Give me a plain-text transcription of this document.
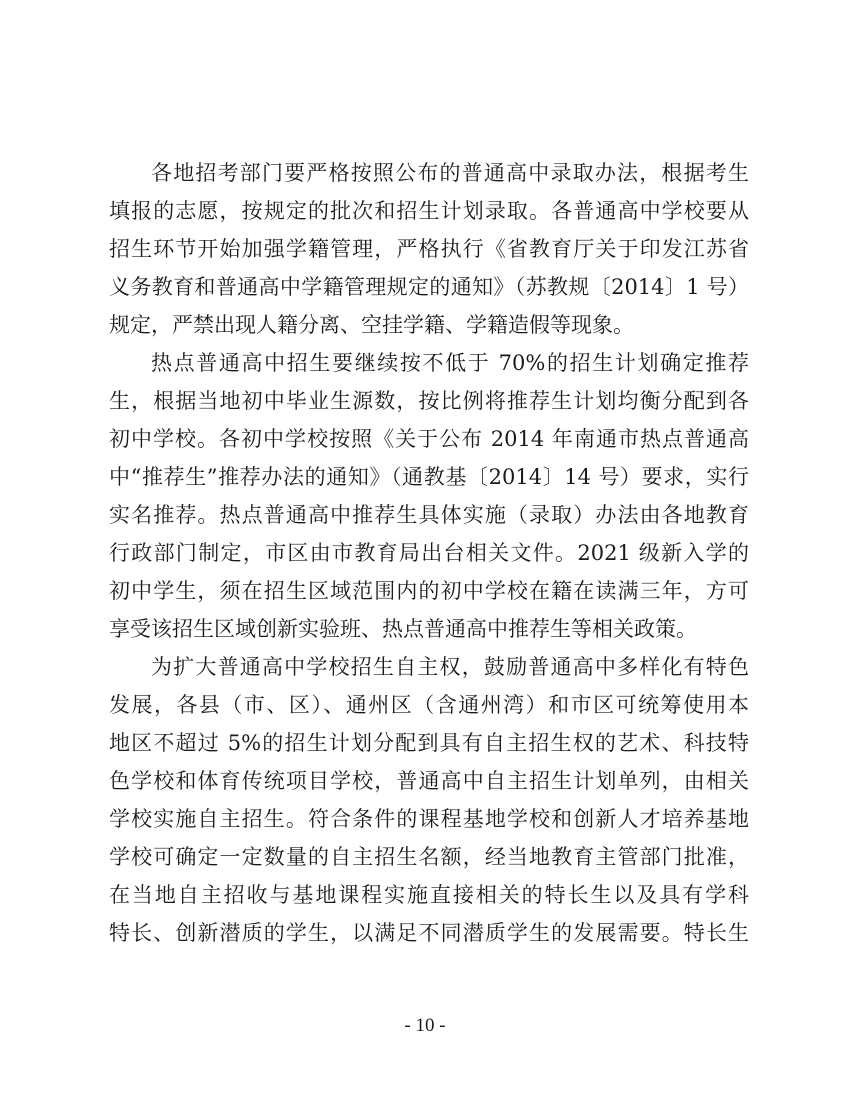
各地招考部门要严格按照公布的普通高中录取办法，根据考生
填报的志愿，按规定的批次和招生计划录取。各普通高中学校要从
招生环节开始加强学籍管理，严格执行《省教育厅关于印发江苏省
义务教育和普通高中学籍管理规定的通知》（苏教规〔2014〕1 号）
规定，严禁出现人籍分离、空挂学籍、学籍造假等现象。
热点普通高中招生要继续按不低于 70%的招生计划确定推荐
生，根据当地初中毕业生源数，按比例将推荐生计划均衡分配到各
初中学校。各初中学校按照《关于公布 2014 年南通市热点普通高
中“推荐生”推荐办法的通知》（通教基〔2014〕14 号）要求，实行
实名推荐。热点普通高中推荐生具体实施（录取）办法由各地教育
行政部门制定，市区由市教育局出台相关文件。2021 级新入学的
初中学生，须在招生区域范围内的初中学校在籍在读满三年，方可
享受该招生区域创新实验班、热点普通高中推荐生等相关政策。
为扩大普通高中学校招生自主权，鼓励普通高中多样化有特色
发展，各县（市、区）、通州区（含通州湾）和市区可统筹使用本
地区不超过 5%的招生计划分配到具有自主招生权的艺术、科技特
色学校和体育传统项目学校，普通高中自主招生计划单列，由相关
学校实施自主招生。符合条件的课程基地学校和创新人才培养基地
学校可确定一定数量的自主招生名额，经当地教育主管部门批准，
在当地自主招收与基地课程实施直接相关的特长生以及具有学科
特长、创新潜质的学生，以满足不同潜质学生的发展需要。特长生
- 10 -
